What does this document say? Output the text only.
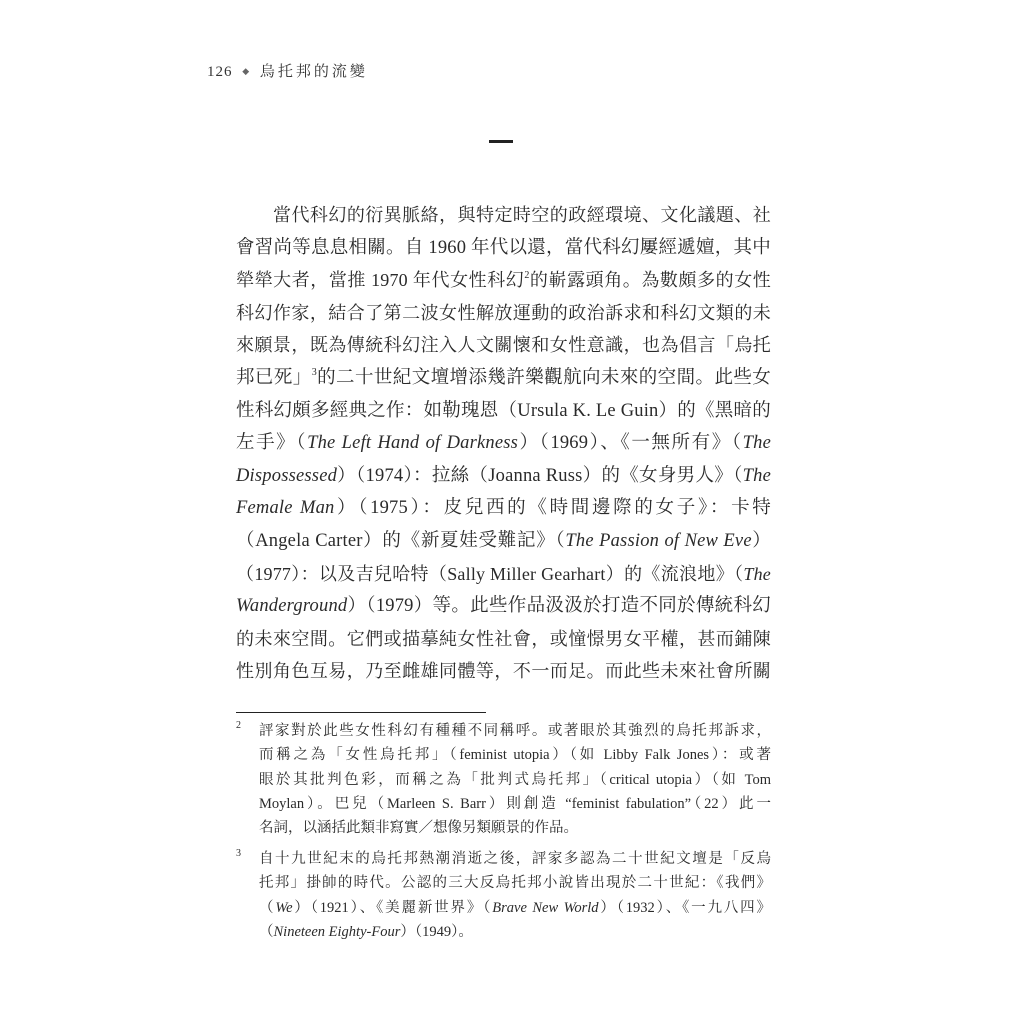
126 ◆ 烏托邦的流變
當代科幻的衍異脈絡，與特定時空的政經環境、文化議題、社
會習尚等息息相關。自 1960 年代以還，當代科幻屢經遞嬗，其中
犖犖大者，當推 1970 年代女性科幻$^2$的嶄露頭角。為數頗多的女性
科幻作家，結合了第二波女性解放運動的政治訴求和科幻文類的未
來願景，既為傳統科幻注入人文關懷和女性意識，也為倡言「烏托
邦已死」$^3$的二十世紀文壇增添幾許樂觀航向未來的空間。此些女
性科幻頗多經典之作：如勒瑰恩（Ursula K. Le Guin）的《黑暗的
左手》（The Left Hand of Darkness）（1969）、《一無所有》（The
Dispossessed）（1974）：拉絲（Joanna Russ）的《女身男人》（The
Female Man）（1975）：皮兒西的《時間邊際的女子》：卡特
（Angela Carter）的《新夏娃受難記》（The Passion of New Eve）
（1977）：以及吉兒哈特（Sally Miller Gearhart）的《流浪地》（The
Wanderground）（1979）等。此些作品汲汲於打造不同於傳統科幻
的未來空間。它們或描摹純女性社會，或憧憬男女平權，甚而鋪陳
性別角色互易，乃至雌雄同體等，不一而足。而此些未來社會所關
2 評家對於此些女性科幻有種種不同稱呼。或著眼於其強烈的烏托邦訴求，
而稱之為「女性烏托邦」（feminist utopia）（如 Libby Falk Jones）：或著
眼於其批判色彩，而稱之為「批判式烏托邦」（critical utopia）（如 Tom
Moylan）。巴兒（Marleen S. Barr）則創造 “feminist fabulation”（22）此一
名詞，以涵括此類非寫實／想像另類願景的作品。
3 自十九世紀末的烏托邦熱潮消逝之後，評家多認為二十世紀文壇是「反烏
托邦」掛帥的時代。公認的三大反烏托邦小說皆出現於二十世紀：《我們》
（We）（1921）、《美麗新世界》（Brave New World）（1932）、《一九八四》
（Nineteen Eighty-Four）（1949）。
